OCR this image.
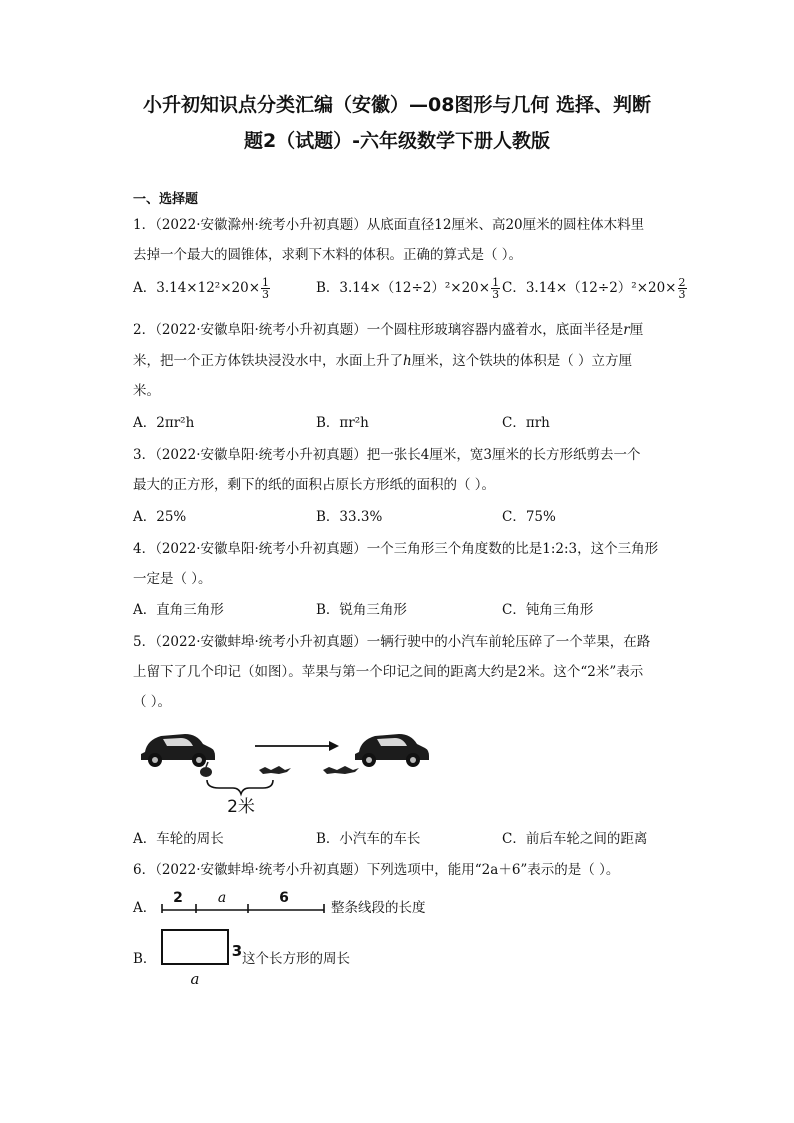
小升初知识点分类汇编（安徽）—08图形与几何 选择、判断
题2（试题）-六年级数学下册人教版
一、选择题
1．（2022·安徽滁州·统考小升初真题）从底面直径12厘米、高20厘米的圆柱体木料里
去掉一个最大的圆锥体，求剩下木料的体积。正确的算式是（ ）。
A．$3.14\times 12^2\times 20\times \frac{1}{3}$	B．$3.14\times(12\div 2)^2\times 20\times \frac{1}{3}$ C．$3.14\times(12\div 2)^2\times 20\times \frac{2}{3}$
2．（2022·安徽阜阳·统考小升初真题）一个圆柱形玻璃容器内盛着水，底面半径是r厘
米，把一个正方体铁块浸没水中，水面上升了h厘米，这个铁块的体积是（ ）立方厘
米。
A．2πr²h	B．πr²h	C．πrh
3．（2022·安徽阜阳·统考小升初真题）把一张长4厘米，宽3厘米的长方形纸剪去一个
最大的正方形，剩下的纸的面积占原长方形纸的面积的（ ）。
A．25%	B．33.3%	C．75%
4．（2022·安徽阜阳·统考小升初真题）一个三角形三个角度数的比是1:2:3，这个三角形
一定是（ ）。
A．直角三角形	B．锐角三角形	C．钝角三角形
5．（2022·安徽蚌埠·统考小升初真题）一辆行驶中的小汽车前轮压碎了一个苹果，在路
上留下了几个印记（如图）。苹果与第一个印记之间的距离大约是2米。这个“2米”表示
（ ）。
2米
A．车轮的周长	B．小汽车的车长	C．前后车轮之间的距离
6．（2022·安徽蚌埠·统考小升初真题）下列选项中，能用“2a＋6”表示的是（ ）。
A．
2 a	6
整条线段的长度
B．	3
a
这个长方形的周长
